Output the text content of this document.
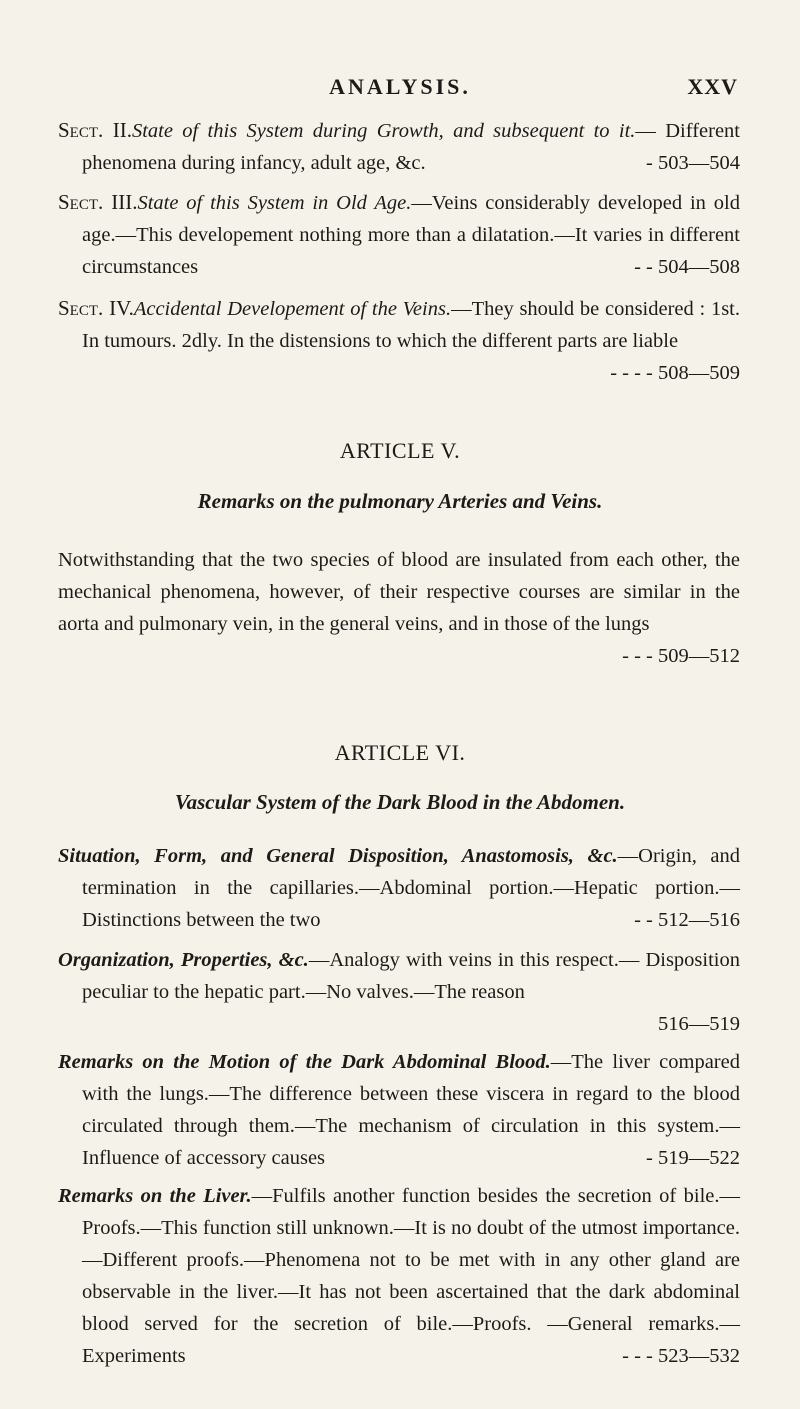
ANALYSIS.	XXV
Sect. II.State of this System during Growth, and subsequent to it.— Different phenomena during infancy, adult age, &c.	- 503—504
Sect. III.State of this System in Old Age.—Veins considerably developed in old age.—This developement nothing more than a dilatation.—It varies in different circumstances	- - 504—508
Sect. IV.Accidental Developement of the Veins.—They should be considered : 1st. In tumours. 2dly. In the distensions to which the different parts are liable
- - - - 508—509
ARTICLE V.
Remarks on the pulmonary Arteries and Veins.
Notwithstanding that the two species of blood are insulated from each other, the mechanical phenomena, however, of their respective courses are similar in the aorta and pulmonary vein, in the general veins, and in those of the lungs
- - - 509—512
ARTICLE VI.
Vascular System of the Dark Blood in the Abdomen.
Situation, Form, and General Disposition, Anastomosis, &c.—Origin, and termination in the capillaries.—Abdominal portion.—Hepatic portion.—Distinctions between the two	- - 512—516
Organization, Properties, &c.—Analogy with veins in this respect.— Disposition peculiar to the hepatic part.—No valves.—The reason
516—519
Remarks on the Motion of the Dark Abdominal Blood.—The liver compared with the lungs.—The difference between these viscera in regard to the blood circulated through them.—The mechanism of circulation in this system.—Influence of accessory causes	- 519—522
Remarks on the Liver.—Fulfils another function besides the secretion of bile.—Proofs.—This function still unknown.—It is no doubt of the utmost importance.—Different proofs.—Phenomena not to be met with in any other gland are observable in the liver.—It has not been ascertained that the dark abdominal blood served for the secretion of bile.—Proofs. —General remarks.—Experiments	- - - 523—532
